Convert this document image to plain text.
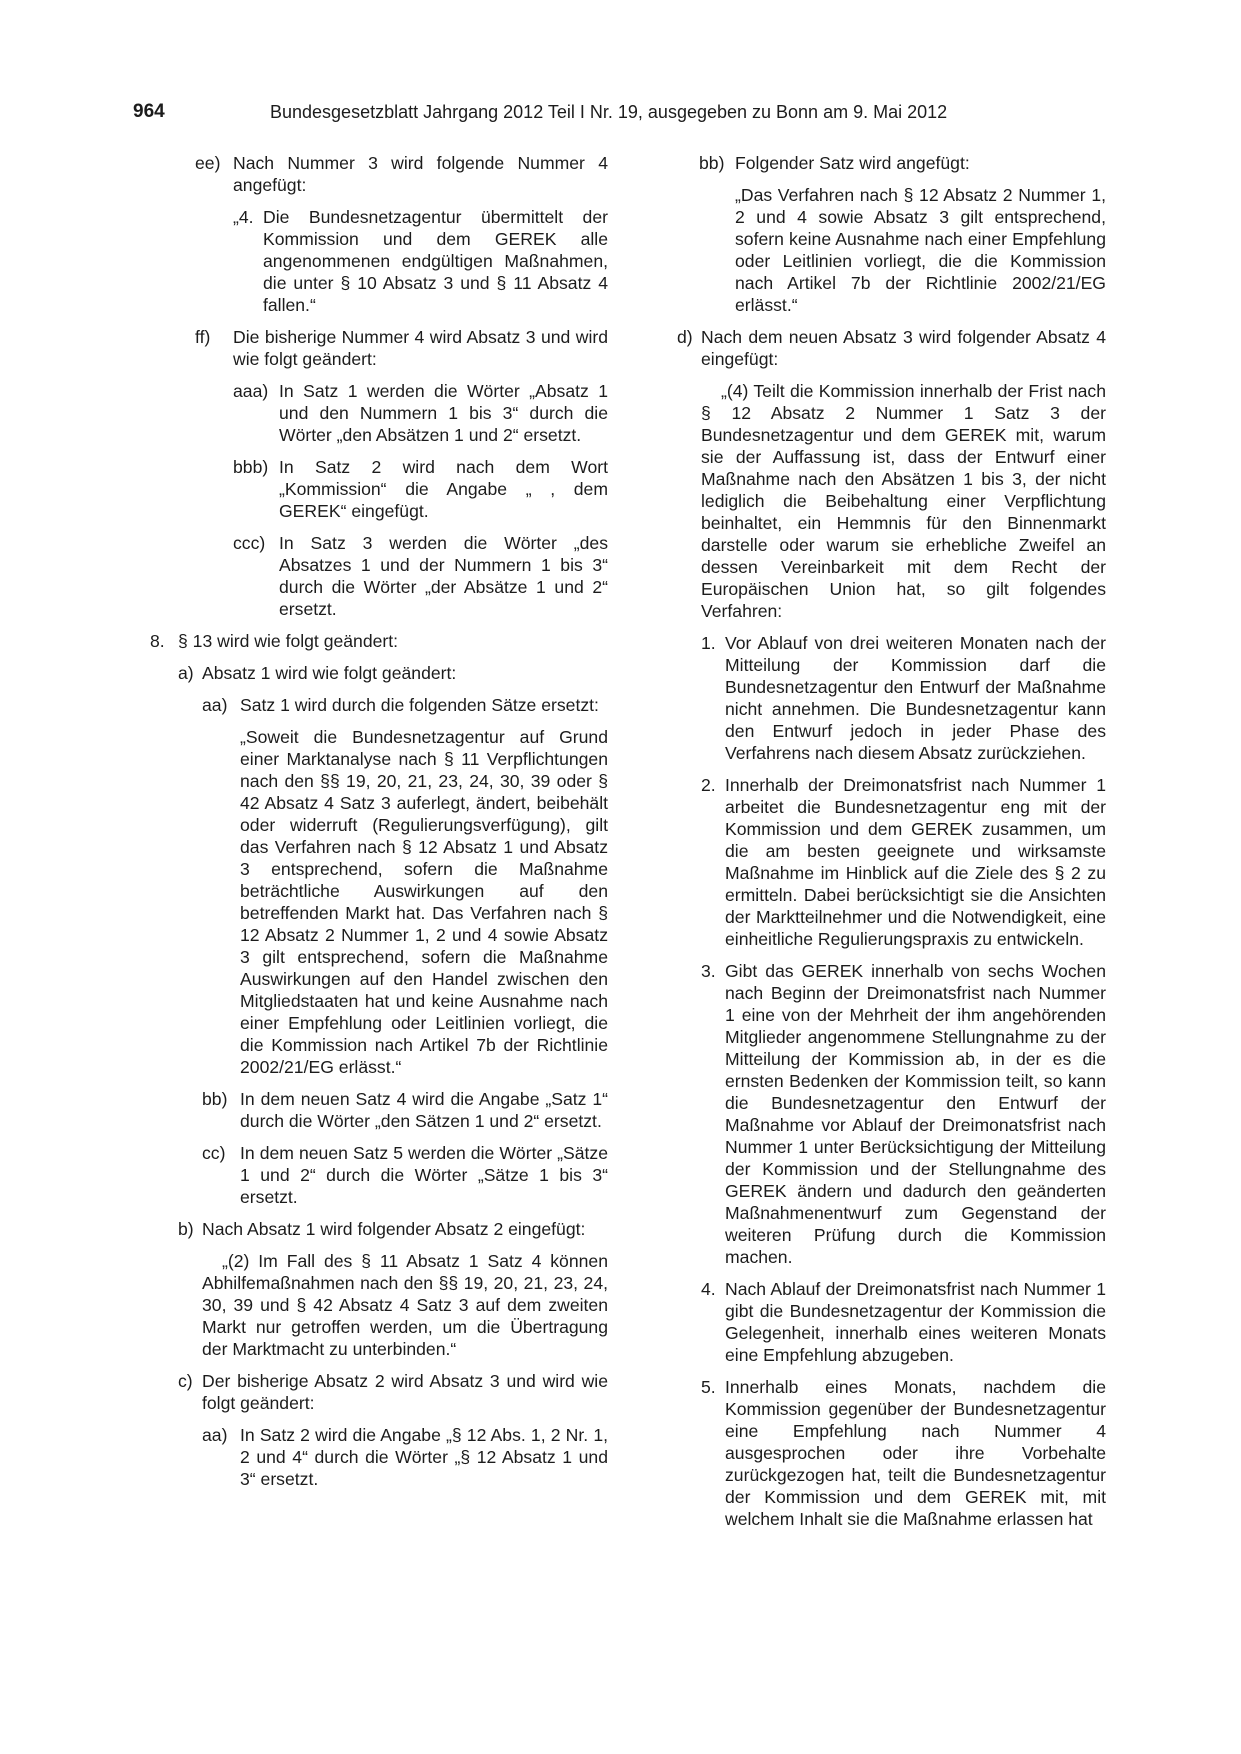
964	Bundesgesetzblatt Jahrgang 2012 Teil I Nr. 19, ausgegeben zu Bonn am 9. Mai 2012
ee) Nach Nummer 3 wird folgende Nummer 4 angefügt:
„4. Die Bundesnetzagentur übermittelt der Kommission und dem GEREK alle angenommenen endgültigen Maßnahmen, die unter § 10 Absatz 3 und § 11 Absatz 4 fallen.“
ff)	Die bisherige Nummer 4 wird Absatz 3 und wird wie folgt geändert:
aaa) In Satz 1 werden die Wörter „Absatz 1 und den Nummern 1 bis 3“ durch die Wörter „den Absätzen 1 und 2“ ersetzt.
bbb) In Satz 2 wird nach dem Wort „Kommission“ die Angabe „ , dem GEREK“ eingefügt.
ccc) In Satz 3 werden die Wörter „des Absatzes 1 und der Nummern 1 bis 3“ durch die Wörter „der Absätze 1 und 2“ ersetzt.
8. § 13 wird wie folgt geändert:
a) Absatz 1 wird wie folgt geändert:
aa) Satz 1 wird durch die folgenden Sätze ersetzt:
„Soweit die Bundesnetzagentur auf Grund einer Marktanalyse nach § 11 Verpflichtungen nach den §§ 19, 20, 21, 23, 24, 30, 39 oder § 42 Absatz 4 Satz 3 auferlegt, ändert, beibehält oder widerruft (Regulierungsverfügung), gilt das Verfahren nach § 12 Absatz 1 und Absatz 3 entsprechend, sofern die Maßnahme beträchtliche Auswirkungen auf den betreffenden Markt hat. Das Verfahren nach § 12 Absatz 2 Nummer 1, 2 und 4 sowie Absatz 3 gilt entsprechend, sofern die Maßnahme Auswirkungen auf den Handel zwischen den Mitgliedstaaten hat und keine Ausnahme nach einer Empfehlung oder Leitlinien vorliegt, die die Kommission nach Artikel 7b der Richtlinie 2002/21/EG erlässt.“
bb) In dem neuen Satz 4 wird die Angabe „Satz 1“ durch die Wörter „den Sätzen 1 und 2“ ersetzt.
cc) In dem neuen Satz 5 werden die Wörter „Sätze 1 und 2“ durch die Wörter „Sätze 1 bis 3“ ersetzt.
b) Nach Absatz 1 wird folgender Absatz 2 eingefügt:
„(2) Im Fall des § 11 Absatz 1 Satz 4 können Abhilfemaßnahmen nach den §§ 19, 20, 21, 23, 24, 30, 39 und § 42 Absatz 4 Satz 3 auf dem zweiten Markt nur getroffen werden, um die Übertragung der Marktmacht zu unterbinden.“
c) Der bisherige Absatz 2 wird Absatz 3 und wird wie folgt geändert:
aa) In Satz 2 wird die Angabe „§ 12 Abs. 1, 2 Nr. 1, 2 und 4“ durch die Wörter „§ 12 Absatz 1 und 3“ ersetzt.
bb) Folgender Satz wird angefügt:
„Das Verfahren nach § 12 Absatz 2 Nummer 1, 2 und 4 sowie Absatz 3 gilt entsprechend, sofern keine Ausnahme nach einer Empfehlung oder Leitlinien vorliegt, die die Kommission nach Artikel 7b der Richtlinie 2002/21/EG erlässt.“
d) Nach dem neuen Absatz 3 wird folgender Absatz 4 eingefügt:
„(4) Teilt die Kommission innerhalb der Frist nach § 12 Absatz 2 Nummer 1 Satz 3 der Bundesnetzagentur und dem GEREK mit, warum sie der Auffassung ist, dass der Entwurf einer Maßnahme nach den Absätzen 1 bis 3, der nicht lediglich die Beibehaltung einer Verpflichtung beinhaltet, ein Hemmnis für den Binnenmarkt darstelle oder warum sie erhebliche Zweifel an dessen Vereinbarkeit mit dem Recht der Europäischen Union hat, so gilt folgendes Verfahren:
1. Vor Ablauf von drei weiteren Monaten nach der Mitteilung der Kommission darf die Bundesnetzagentur den Entwurf der Maßnahme nicht annehmen. Die Bundesnetzagentur kann den Entwurf jedoch in jeder Phase des Verfahrens nach diesem Absatz zurückziehen.
2. Innerhalb der Dreimonatsfrist nach Nummer 1 arbeitet die Bundesnetzagentur eng mit der Kommission und dem GEREK zusammen, um die am besten geeignete und wirksamste Maßnahme im Hinblick auf die Ziele des § 2 zu ermitteln. Dabei berücksichtigt sie die Ansichten der Marktteilnehmer und die Notwendigkeit, eine einheitliche Regulierungspraxis zu entwickeln.
3. Gibt das GEREK innerhalb von sechs Wochen nach Beginn der Dreimonatsfrist nach Nummer 1 eine von der Mehrheit der ihm angehörenden Mitglieder angenommene Stellungnahme zu der Mitteilung der Kommission ab, in der es die ernsten Bedenken der Kommission teilt, so kann die Bundesnetzagentur den Entwurf der Maßnahme vor Ablauf der Dreimonatsfrist nach Nummer 1 unter Berücksichtigung der Mitteilung der Kommission und der Stellungnahme des GEREK ändern und dadurch den geänderten Maßnahmenentwurf zum Gegenstand der weiteren Prüfung durch die Kommission machen.
4. Nach Ablauf der Dreimonatsfrist nach Nummer 1 gibt die Bundesnetzagentur der Kommission die Gelegenheit, innerhalb eines weiteren Monats eine Empfehlung abzugeben.
5. Innerhalb eines Monats, nachdem die Kommission gegenüber der Bundesnetzagentur eine Empfehlung nach Nummer 4 ausgesprochen oder ihre Vorbehalte zurückgezogen hat, teilt die Bundesnetzagentur der Kommission und dem GEREK mit, mit welchem Inhalt sie die Maßnahme erlassen hat
